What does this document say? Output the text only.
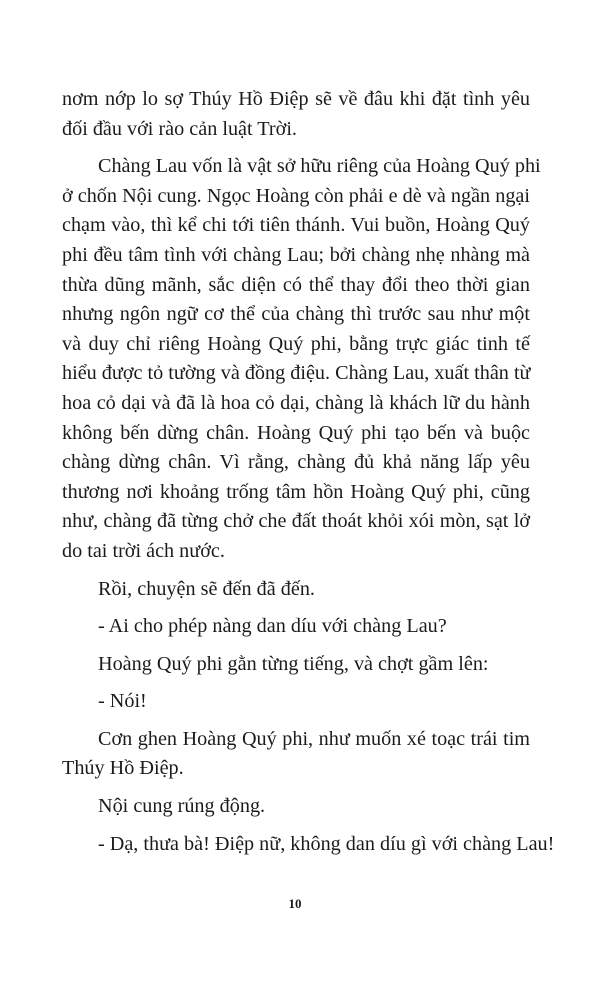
nơm nớp lo sợ Thúy Hồ Điệp sẽ về đâu khi đặt tình yêu
đối đầu với rào cản luật Trời.
Chàng Lau vốn là vật sở hữu riêng của Hoàng Quý phi
ở chốn Nội cung. Ngọc Hoàng còn phải e dè và ngần ngại
chạm vào, thì kể chi tới tiên thánh. Vui buồn, Hoàng Quý
phi đều tâm tình với chàng Lau; bởi chàng nhẹ nhàng mà
thừa dũng mãnh, sắc diện có thể thay đổi theo thời gian
nhưng ngôn ngữ cơ thể của chàng thì trước sau như một
và duy chỉ riêng Hoàng Quý phi, bằng trực giác tinh tế
hiểu được tỏ tường và đồng điệu. Chàng Lau, xuất thân từ
hoa cỏ dại và đã là hoa cỏ dại, chàng là khách lữ du hành
không bến dừng chân. Hoàng Quý phi tạo bến và buộc
chàng dừng chân. Vì rằng, chàng đủ khả năng lấp yêu
thương nơi khoảng trống tâm hồn Hoàng Quý phi, cũng
như, chàng đã từng chở che đất thoát khỏi xói mòn, sạt lở
do tai trời ách nước.
Rồi, chuyện sẽ đến đã đến.
- Ai cho phép nàng dan díu với chàng Lau?
Hoàng Quý phi gằn từng tiếng, và chợt gầm lên:
- Nói!
Cơn ghen Hoàng Quý phi, như muốn xé toạc trái tim
Thúy Hồ Điệp.
Nội cung rúng động.
- Dạ, thưa bà! Điệp nữ, không dan díu gì với chàng Lau!
10
